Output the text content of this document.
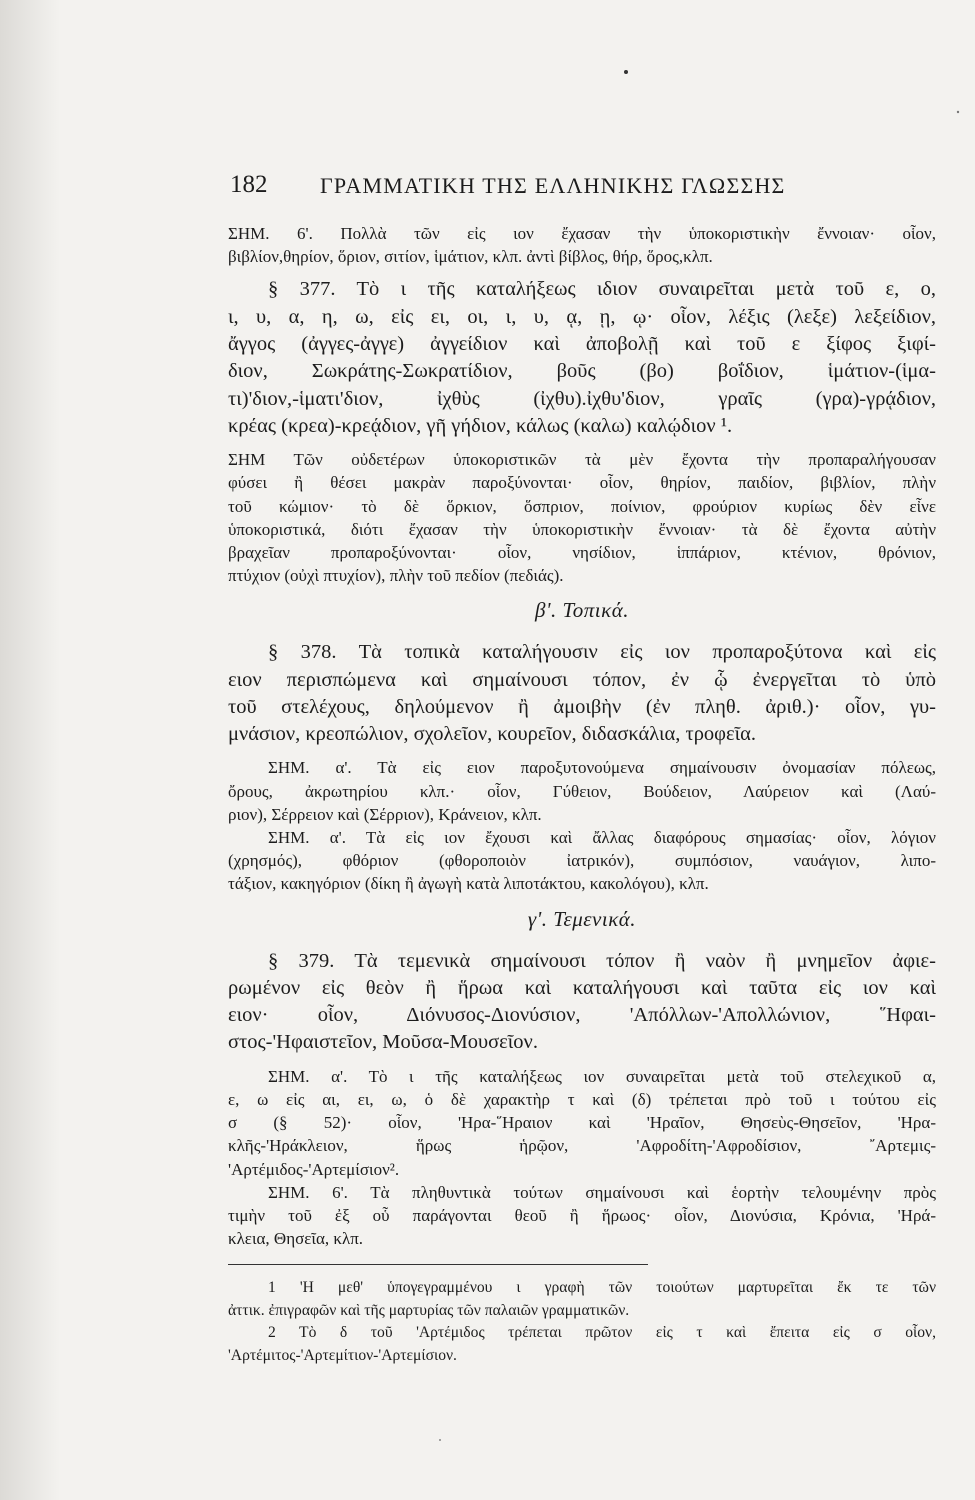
182 ΓΡΑΜΜΑΤΙΚΗ ΤΗΣ ΕΛΛΗΝΙΚΗΣ ΓΛΩΣΣΗΣ

ΣΗΜ. 6'. Πολλὰ τῶν εἰς ιον ἔχασαν τὴν ὑποκοριστικὴν ἔννοιαν· οἷον,
βιβλίον,θηρίον, ὅριον, σιτίον, ἱμάτιον, κλπ. ἀντὶ βίβλος, θήρ, ὅρος,κλπ.

§ 377. Τὸ ι τῆς καταλήξεως ιδιον συναιρεῖται μετὰ τοῦ ε, ο,
ι, υ, α, η, ω, εἰς ει, οι, ι, υ, ᾳ, ῃ, ῳ· οἷον, λέξις (λεξε) λεξείδιον,
ἄγγος (ἀγγες-ἀγγε) ἀγγείδιον καὶ ἀποβολῇ καὶ τοῦ ε ξίφος ξιφί-
διον, Σωκράτης-Σωκρατίδιον, βοῦς (βο) βοΐδιον, ἱμάτιον-(ἱμα-
τι)'διον,-ἱματι'διον, ἰχθὺς (ἰχθυ).ἰχθυ'διον, γραῖς (γρα)-γρᾴδιον,
κρέας (κρεα)-κρεᾴδιον, γῆ γήδιον, κάλως (καλω) καλῴδιον ¹.

ΣΗΜ Τῶν οὐδετέρων ὑποκοριστικῶν τὰ μὲν ἔχοντα τὴν προπαραλήγουσαν
φύσει ἢ θέσει μακρὰν παροξύνονται· οἷον, θηρίον, παιδίον, βιβλίον, πλὴν
τοῦ κώμιον· τὸ δὲ ὅρκιον, ὅσπριον, ποίνιον, φρούριον κυρίως δὲν εἶνε
ὑποκοριστικά, διότι ἔχασαν τὴν ὑποκοριστικὴν ἔννοιαν· τὰ δὲ ἔχοντα αὐτὴν
βραχεῖαν προπαροξύνονται· οἷον, νησίδιον, ἱππάριον, κτένιον, θρόνιον,
πτύχιον (οὐχὶ πτυχίον), πλὴν τοῦ πεδίον (πεδιάς).

β'. Τοπικά.

§ 378. Τὰ τοπικὰ καταλήγουσιν εἰς ιον προπαροξύτονα καὶ εἰς
ειον περισπώμενα καὶ σημαίνουσι τόπον, ἐν ᾧ ἐνεργεῖται τὸ ὑπὸ
τοῦ στελέχους, δηλούμενον ἢ ἀμοιβὴν (ἐν πληθ. ἀριθ.)· οἷον, γυ-
μνάσιον, κρεοπώλιον, σχολεῖον, κουρεῖον, διδασκάλια, τροφεῖα.

ΣΗΜ. α'. Τὰ εἰς ειον παροξυτονούμενα σημαίνουσιν ὀνομασίαν πόλεως,
ὄρους, ἀκρωτηρίου κλπ.· οἷον, Γύθειον, Βούδειον, Λαύρειον καὶ (Λαύ-
ριον), Σέρρειον καὶ (Σέρριον), Κράνειον, κλπ.

ΣΗΜ. α'. Τὰ εἰς ιον ἔχουσι καὶ ἄλλας διαφόρους σημασίας· οἷον, λόγιον
(χρησμός), φθόριον (φθοροποιὸν ἰατρικόν), συμπόσιον, ναυάγιον, λιπο-
τάξιον, κακηγόριον (δίκη ἢ ἀγωγὴ κατὰ λιποτάκτου, κακολόγου), κλπ.

γ'. Τεμενικά.

§ 379. Τὰ τεμενικὰ σημαίνουσι τόπον ἢ ναὸν ἢ μνημεῖον ἀφιε-
ρωμένον εἰς θεὸν ἢ ἥρωα καὶ καταλήγουσι καὶ ταῦτα εἰς ιον καὶ
ειον· οἷον, Διόνυσος-Διονύσιον, 'Απόλλων-'Απολλώνιον, ῞Ηφαι-
στος-'Ηφαιστεῖον, Μοῦσα-Μουσεῖον.

ΣΗΜ. α'. Τὸ ι τῆς καταλήξεως ιον συναιρεῖται μετὰ τοῦ στελεχικοῦ α,
ε, ω εἰς αι, ει, ω, ὁ δὲ χαρακτὴρ τ καὶ (δ) τρέπεται πρὸ τοῦ ι τούτου εἰς
σ (§ 52)· οἷον, 'Ηρα-῞Ηραιον καὶ 'Ηραῖον, Θησεὺς-Θησεῖον, 'Ηρα-
κλῆς-'Ηράκλειον, ἥρως ἡρῷον, 'Αφροδίτη-'Αφροδίσιον, ῎Αρτεμις-
'Αρτέμιδος-'Αρτεμίσιον².

ΣΗΜ. 6'. Τὰ πληθυντικὰ τούτων σημαίνουσι καὶ ἑορτὴν τελουμένην πρὸς
τιμὴν τοῦ ἐξ οὗ παράγονται θεοῦ ἢ ἥρωος· οἷον, Διονύσια, Κρόνια, 'Ηρά-
κλεια, Θησεῖα, κλπ.

1 'Η μεθ' ὑπογεγραμμένου ι γραφὴ τῶν τοιούτων μαρτυρεῖται ἔκ τε τῶν
ἀττικ. ἐπιγραφῶν καὶ τῆς μαρτυρίας τῶν παλαιῶν γραμματικῶν.

2 Τὸ δ τοῦ 'Αρτέμιδος τρέπεται πρῶτον εἰς τ καὶ ἔπειτα εἰς σ οἷον,
'Αρτέμιτος-'Αρτεμίτιον-'Αρτεμίσιον.
